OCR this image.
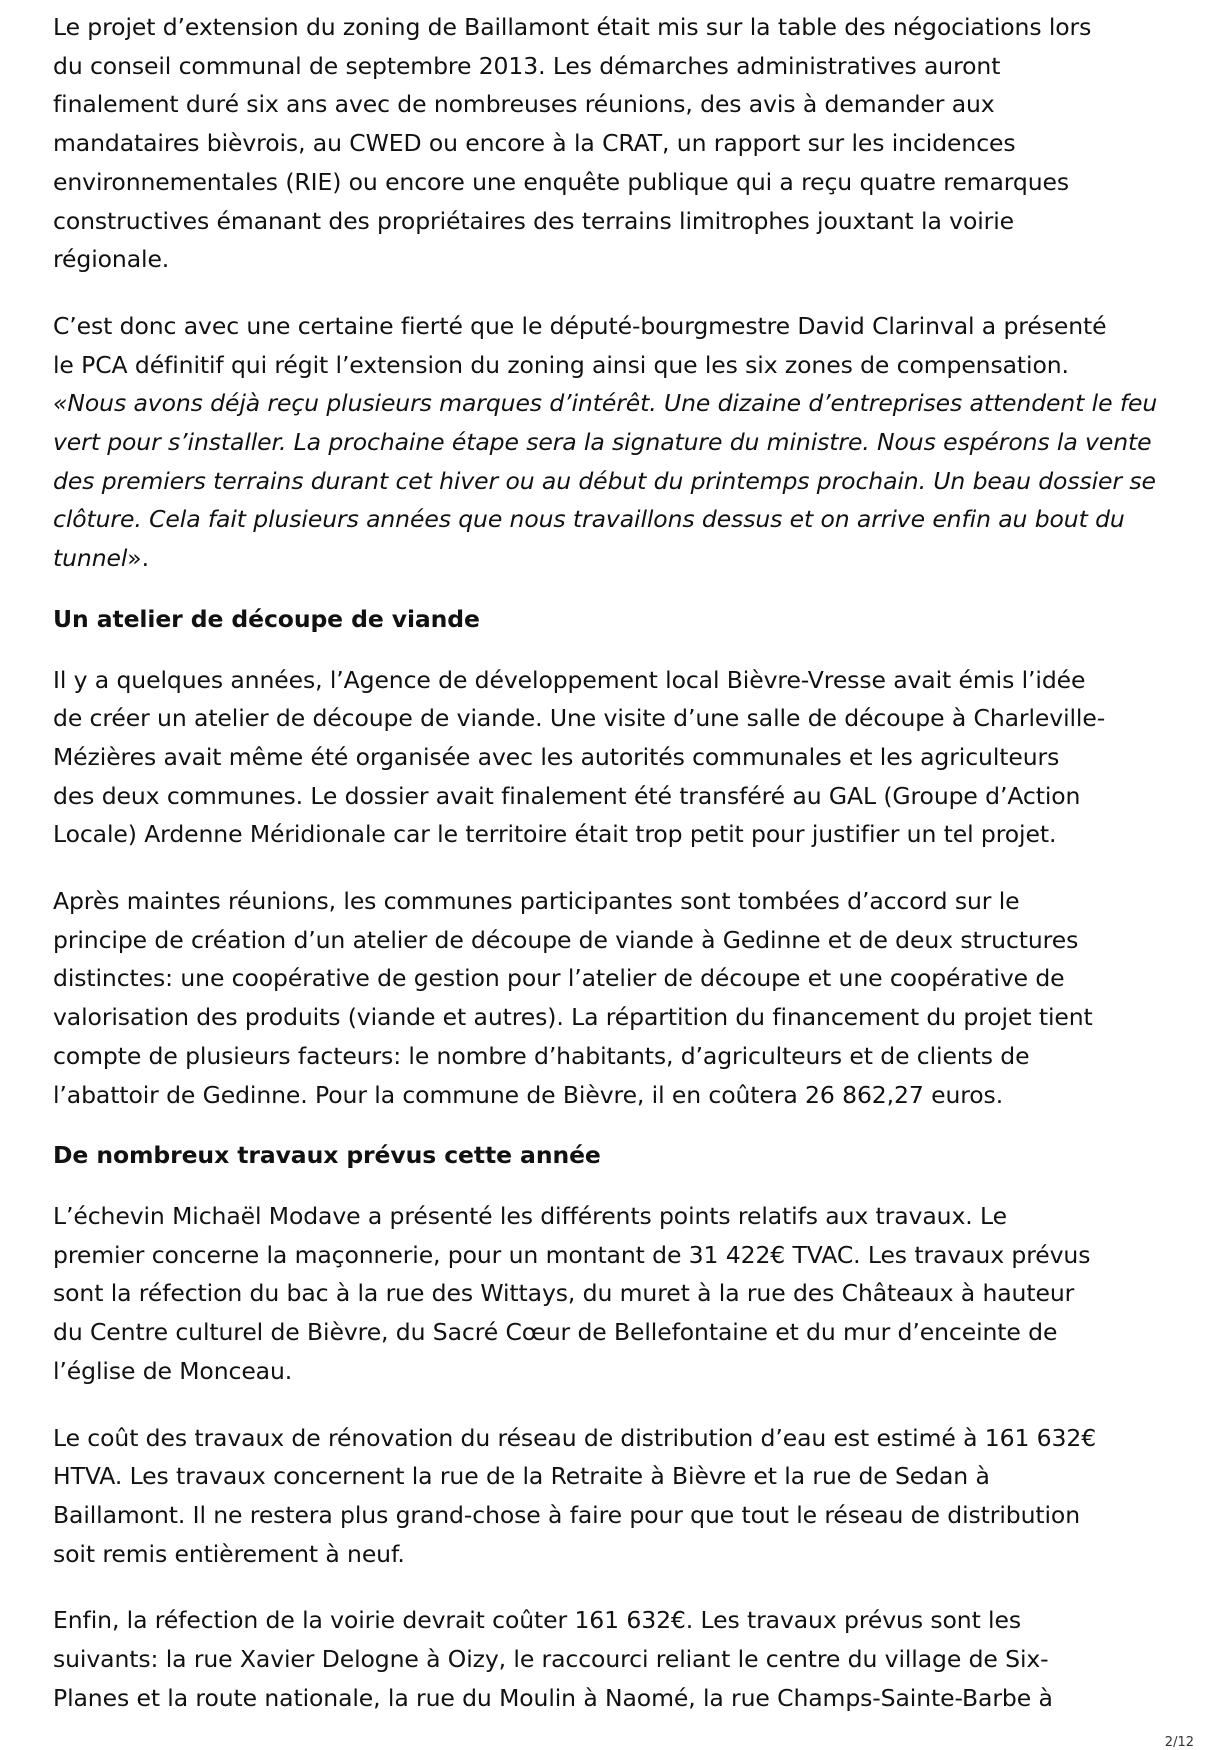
Le projet d’extension du zoning de Baillamont était mis sur la table des négociations lors
du conseil communal de septembre 2013. Les démarches administratives auront
finalement duré six ans avec de nombreuses réunions, des avis à demander aux
mandataires bièvrois, au CWED ou encore à la CRAT, un rapport sur les incidences
environnementales (RIE) ou encore une enquête publique qui a reçu quatre remarques
constructives émanant des propriétaires des terrains limitrophes jouxtant la voirie
régionale.

C’est donc avec une certaine fierté que le député-bourgmestre David Clarinval a présenté
le PCA définitif qui régit l’extension du zoning ainsi que les six zones de compensation.
«Nous avons déjà reçu plusieurs marques d’intérêt. Une dizaine d’entreprises attendent le feu
vert pour s’installer. La prochaine étape sera la signature du ministre. Nous espérons la vente
des premiers terrains durant cet hiver ou au début du printemps prochain. Un beau dossier se
clôture. Cela fait plusieurs années que nous travaillons dessus et on arrive enfin au bout du
tunnel».

Un atelier de découpe de viande

Il y a quelques années, l’Agence de développement local Bièvre-Vresse avait émis l’idée
de créer un atelier de découpe de viande. Une visite d’une salle de découpe à Charleville-
Mézières avait même été organisée avec les autorités communales et les agriculteurs
des deux communes. Le dossier avait finalement été transféré au GAL (Groupe d’Action
Locale) Ardenne Méridionale car le territoire était trop petit pour justifier un tel projet.

Après maintes réunions, les communes participantes sont tombées d’accord sur le
principe de création d’un atelier de découpe de viande à Gedinne et de deux structures
distinctes: une coopérative de gestion pour l’atelier de découpe et une coopérative de
valorisation des produits (viande et autres). La répartition du financement du projet tient
compte de plusieurs facteurs: le nombre d’habitants, d’agriculteurs et de clients de
l’abattoir de Gedinne. Pour la commune de Bièvre, il en coûtera 26 862,27 euros.

De nombreux travaux prévus cette année

L’échevin Michaël Modave a présenté les différents points relatifs aux travaux. Le
premier concerne la maçonnerie, pour un montant de 31 422€ TVAC. Les travaux prévus
sont la réfection du bac à la rue des Wittays, du muret à la rue des Châteaux à hauteur
du Centre culturel de Bièvre, du Sacré Cœur de Bellefontaine et du mur d’enceinte de
l’église de Monceau.

Le coût des travaux de rénovation du réseau de distribution d’eau est estimé à 161 632€
HTVA. Les travaux concernent la rue de la Retraite à Bièvre et la rue de Sedan à
Baillamont. Il ne restera plus grand-chose à faire pour que tout le réseau de distribution
soit remis entièrement à neuf.

Enfin, la réfection de la voirie devrait coûter 161 632€. Les travaux prévus sont les
suivants: la rue Xavier Delogne à Oizy, le raccourci reliant le centre du village de Six-
Planes et la route nationale, la rue du Moulin à Naomé, la rue Champs-Sainte-Barbe à

2/12
